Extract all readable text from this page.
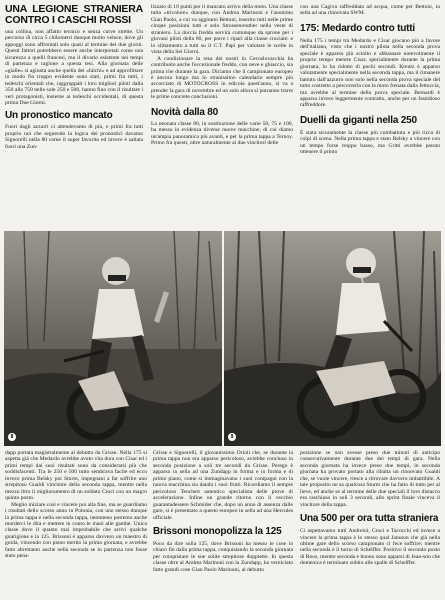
UNA LEGIONE STRANIERA CONTRO I CASCHI ROSSI

una collina, non affatto tecnico e senza curve strette. Un percorso di circa 5 chilometri dunque molto veloce, dove gli appoggi sono affrontati solo quasi al termine dei due giorni. Questi fattori potrebbero essere anche interpretati come una sicurezza a quelli francesi, ma il divario esistente nei tempi di partenza e ragione a questa tesi. Alla giornata delle «gialle» si agiunta anche quella dei «falchi» e ad approfittare in modo fin troppo evidente sono stati, primi fra tutti, i tedeschi orientali che, raggruppati i loro migliori piloti dalla 350 alla 750 nelle sole 250 e 500, hanno fino con il risultare i veri protagonisti, insieme ai tedeschi occidentali, di questa prima Due Giorni.

Un pronostico mancato

Fuori dagli azzurri ci attendevamo di più, e primi fra tutti proprio noi che seguendo la logica dei pronostici davamo Signorelli nella 80 come il super favorito ed invece è saltata fuori una Zun-

lizzato di 10 punti per il mancato arrivo della moto. Una classe tutta «tricolore» dunque, con Andrea Marinoni e l'anonimo Gian Paolo, a cui va aggiunto Bettoni, inserito tutti nelle prime cinque posizioni tutti e solo Strossenreuther nella veste di straniero. La doccia fredda servirà comunque da sprone per i giovani piloti della 80, per porre i ripari alla classe cruciale: e lo slittamento a tutti su il C.T. Papi per valutare le scelte in vista della Sei Giorni.

A condizionare la resa dei nostri in Cecoslovacchia ha contribuito anche l'eccezionale freddo, con neve e ghiaccio, sia prima che durante la gara. Diciamo che il campionato europeo è ancora lungo ma lo stranissimo calendario sempre più accorciato di MOTOCROSS in edicola quest'anno, si va a prender la gara di novembre ed un solo allora si potranno trarre le prime concrete conclusioni.

Novità dalla 80

La neonata classe 80, in sostituzione delle varie 50, 75 e 100, ha messo in evidenza diverse nuove macchine, di cui diamo un'ampia panoramica più avanti, e per la prima tappa a Ternoy. Primo fra questi, oltre naturalmente ai due vincitori delle

con una Cagiva raffreddata ad acqua, come per Bettoni, in sella ad una rinnovata SWM.

175: Medardo contro tutti

Nella 175 i tempi tra Medardo e Cisar giocano più a favore dell'italiano, visto che i nostro pilota nella seconda prova speciale è apparso più sciolto e abbassare notevolmente il proprio tempo mentre Cisar, specialmente durante la prima giornata, lo ha ridotto di pochi secondi. Kreutz è apparso valutamente specialmente nella seconda tappa, ma il rimanere battuto dall'azzurro non solo nella seconda prova speciale del tutto costretto a percorrerla con la moto frenata dalla fettuccia, ma avrebbe al termine della prova speciale. Bernardi è apparso invece leggermente contratto, anche per un fastidioso raffreddore.

Duelli da giganti nella 250

È stata sicuramente la classe più combattuta e più ricca di colpi di scena. Nella prima tappa e stato Belsky a vincere con un tempo forse troppo basso, ma Gritti avrebbe potuto ottenere il primo

8	9

dapp portata magistralmente al debutto da Grisse. Nella 175 si aspetta già che Medardo avrebbe avuto vita dura con Cisar ed i primi tempi dai suoi risultati sono da considerarsi più che soddisfacenti. Tra le 250 e 500 tutto sembrava facile ed ecco invece prima Belsky poi Sturm, impegnani a far soffrire uno strepitoso Gualdi vincitore della seconda tappa, mentre nella mezzo litro il miglioramento di un soldato Croci con un magro quinto posto.

Meglio iniziare così e vincere poi alla fine, ma se guardiamo i risultati dello scorso anno in Polonia, con uno stesso dunque la prima tappa e nella seconda tappa, nemmeno potremo anche morderci le dita e mettere in conto le mani alle gambe. Unica classe dove il quanto mai improbabile che arrivi qualche guarigione e la 125. Brissoni è apparso davvero un maestro di guida, vincendo con pieno merito la prima giornata, e avrebbe fatto altrettanto anche nella seconda se in partenza non fosse stato pena-

Grisse e Signorelli, il giovanissimo Orioli che, se durante la prima tappa non era apparso pericoloso, avrebbe concluso in seconda posizione a soli tre secondi da Grisse. Perego è apparso in sella ad una Zundapp in forma e in forma e di primo piano, come si immaginavano i suoi compagni con la nuova macchina sia dando i suoi frutti. Ricordiamo il sempre pericoloso Teuchert autentico specialista delle prove di accelerazione. Infine un grande ritorno con il vecchio guarantadessere Schmider che, dopo un anno di assenza dalle gare, si è presentato a questo europeo in sella ad una Hercules ufficiale.

Brissoni monopolizza la 125

Poco da dire sulla 125, dove Brissoni ha messo le cose in chiaro fin dalla prima tappa, conquistando la seconda giornata per conquistare le sue solite strepitose doppiette. In questa classe oltre al Andrea Marinoni con la Zundapp, ha verniciato fatto grandi cose Gian Paolo Marinoni, al debutto

posizione se non avesse preso due minuti di anticipo consecutivamente durante due dei tempi di gara. Nella seconda giornata ha invece preso due tempi, in seconda giornata ha provato portato alla ribalta un rinnovato Gualdi che, se vuole vincere, riesce a ritrovare davvero imbattibile. A tale proposito ne sa qualcosa Sturm che ha fatto di tutto per al lieve, ed anche se al termine delle due speciali il loro distacco era raschiuso in soli 3 secondi, allo sprint finale vinceva il vincitore della tappa.

Una 500 per ora tutta straniera

Ci aspettavamo tutti Andreini, Croci e Tacocchi ed invece a vincere la prima tappa è lo stesso qual Jansson che già nella ultime gare dello scorso campionato ci fece soffrire; mentre nella seconda è il turno di Schelffer. Positivo il secondo posto di Roos, mentre seconda e buono sono apparsi di Jean-son che domenica è terminato subito alle spalle di Schelffer.
